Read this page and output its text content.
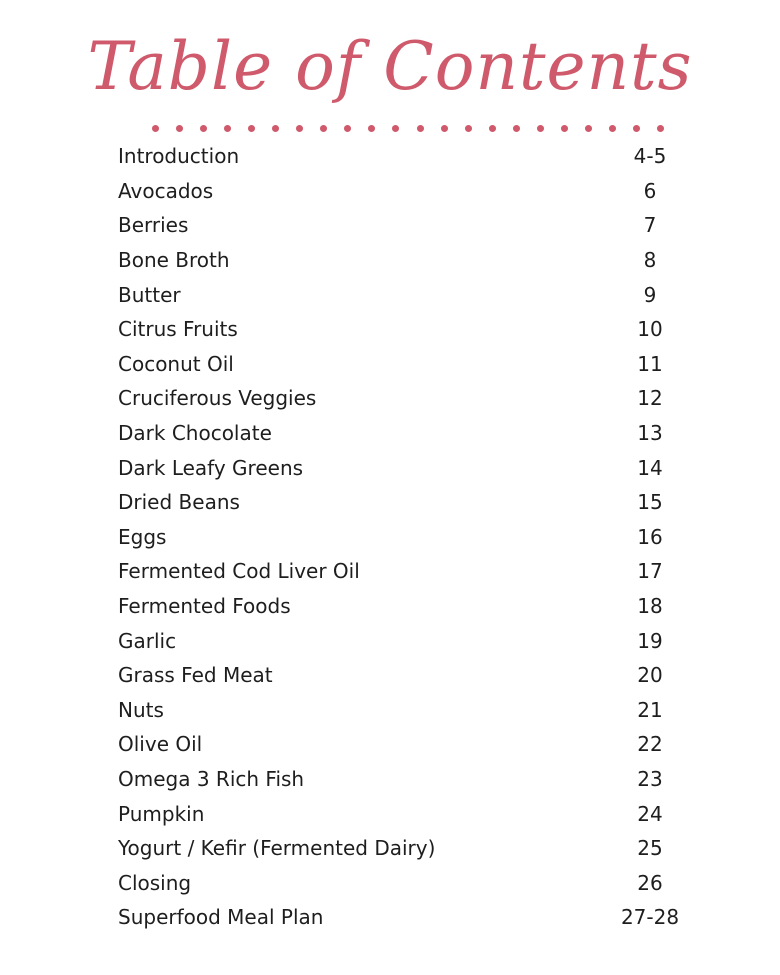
Table of Contents
Introduction	4-5
Avocados	6
Berries	7
Bone Broth	8
Butter	9
Citrus Fruits	10
Coconut Oil	11
Cruciferous Veggies	12
Dark Chocolate	13
Dark Leafy Greens	14
Dried Beans	15
Eggs	16
Fermented Cod Liver Oil	17
Fermented Foods	18
Garlic	19
Grass Fed Meat	20
Nuts	21
Olive Oil	22
Omega 3 Rich Fish	23
Pumpkin	24
Yogurt / Kefir (Fermented Dairy)	25
Closing	26
Superfood Meal Plan	27-28
